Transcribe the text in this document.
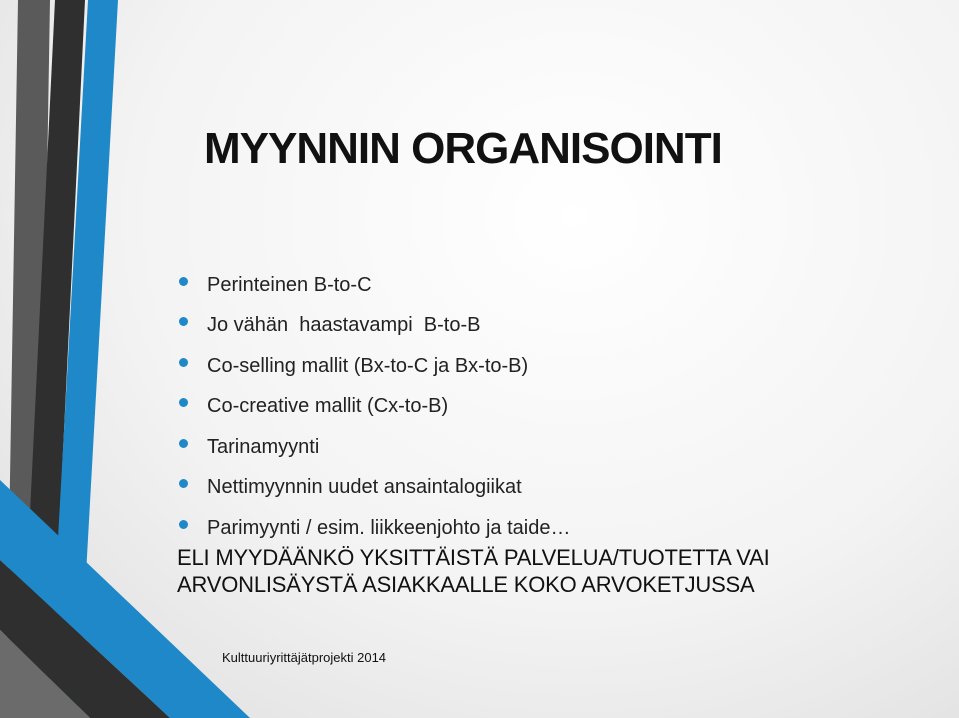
MYYNNIN ORGANISOINTI
Perinteinen B-to-C
Jo vähän  haastavampi  B-to-B
Co-selling mallit (Bx-to-C ja Bx-to-B)
Co-creative mallit (Cx-to-B)
Tarinamyynti
Nettimyynnin uudet ansaintalogiikat
Parimyynti / esim. liikkeenjohto ja taide…
ELI MYYDÄÄNKÖ YKSITTÄISTÄ PALVELUA/TUOTETTA VAI
ARVONLISÄYSTÄ ASIAKKAALLE KOKO ARVOKETJUSSA
Kulttuuriyrittäjätprojekti 2014
